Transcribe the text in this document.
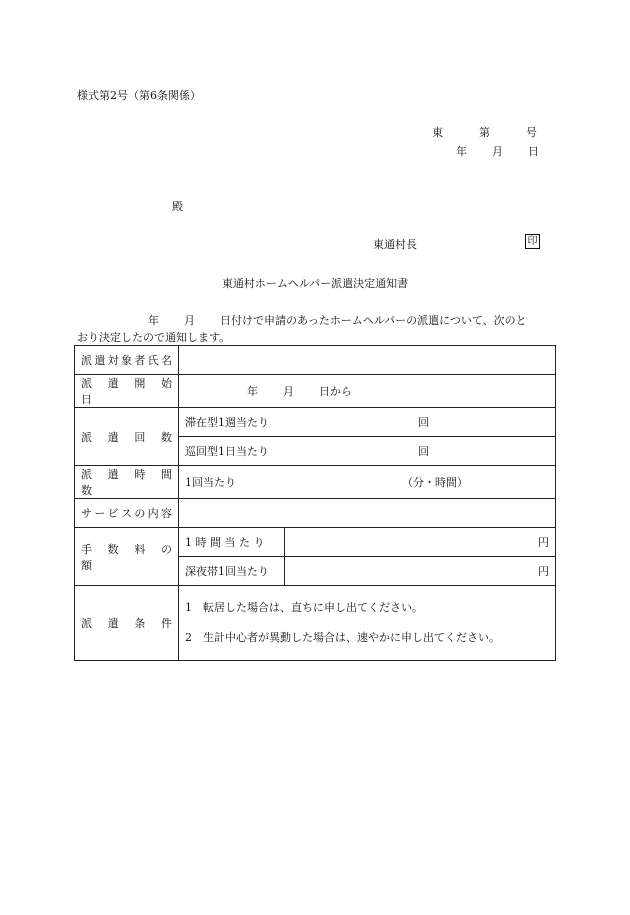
様式第2号（第6条関係）
東	第	号
年 月 日
殿
東通村長	印
東通村ホームヘルパー派遣決定通知書
年 月 日付けで申請のあったホームヘルパーの派遣について、次のと
おり決定したので通知します。
派遣対象者氏名		
派　遣　開　始　日	年 月 日から	
派　遣　回　数	滞在型1週当たり 回	
	巡回型1日当たり 回	
派　遣　時　間　数	1回当たり （分・時間）	
サービスの内容		
手　数　料　の　額	1 時 間 当 た り	円
	深夜帯1回当たり	円
派　遣　条　件	1　転居した場合は、直ちに申し出てください。
2　生計中心者が異動した場合は、速やかに申し出てください。	
